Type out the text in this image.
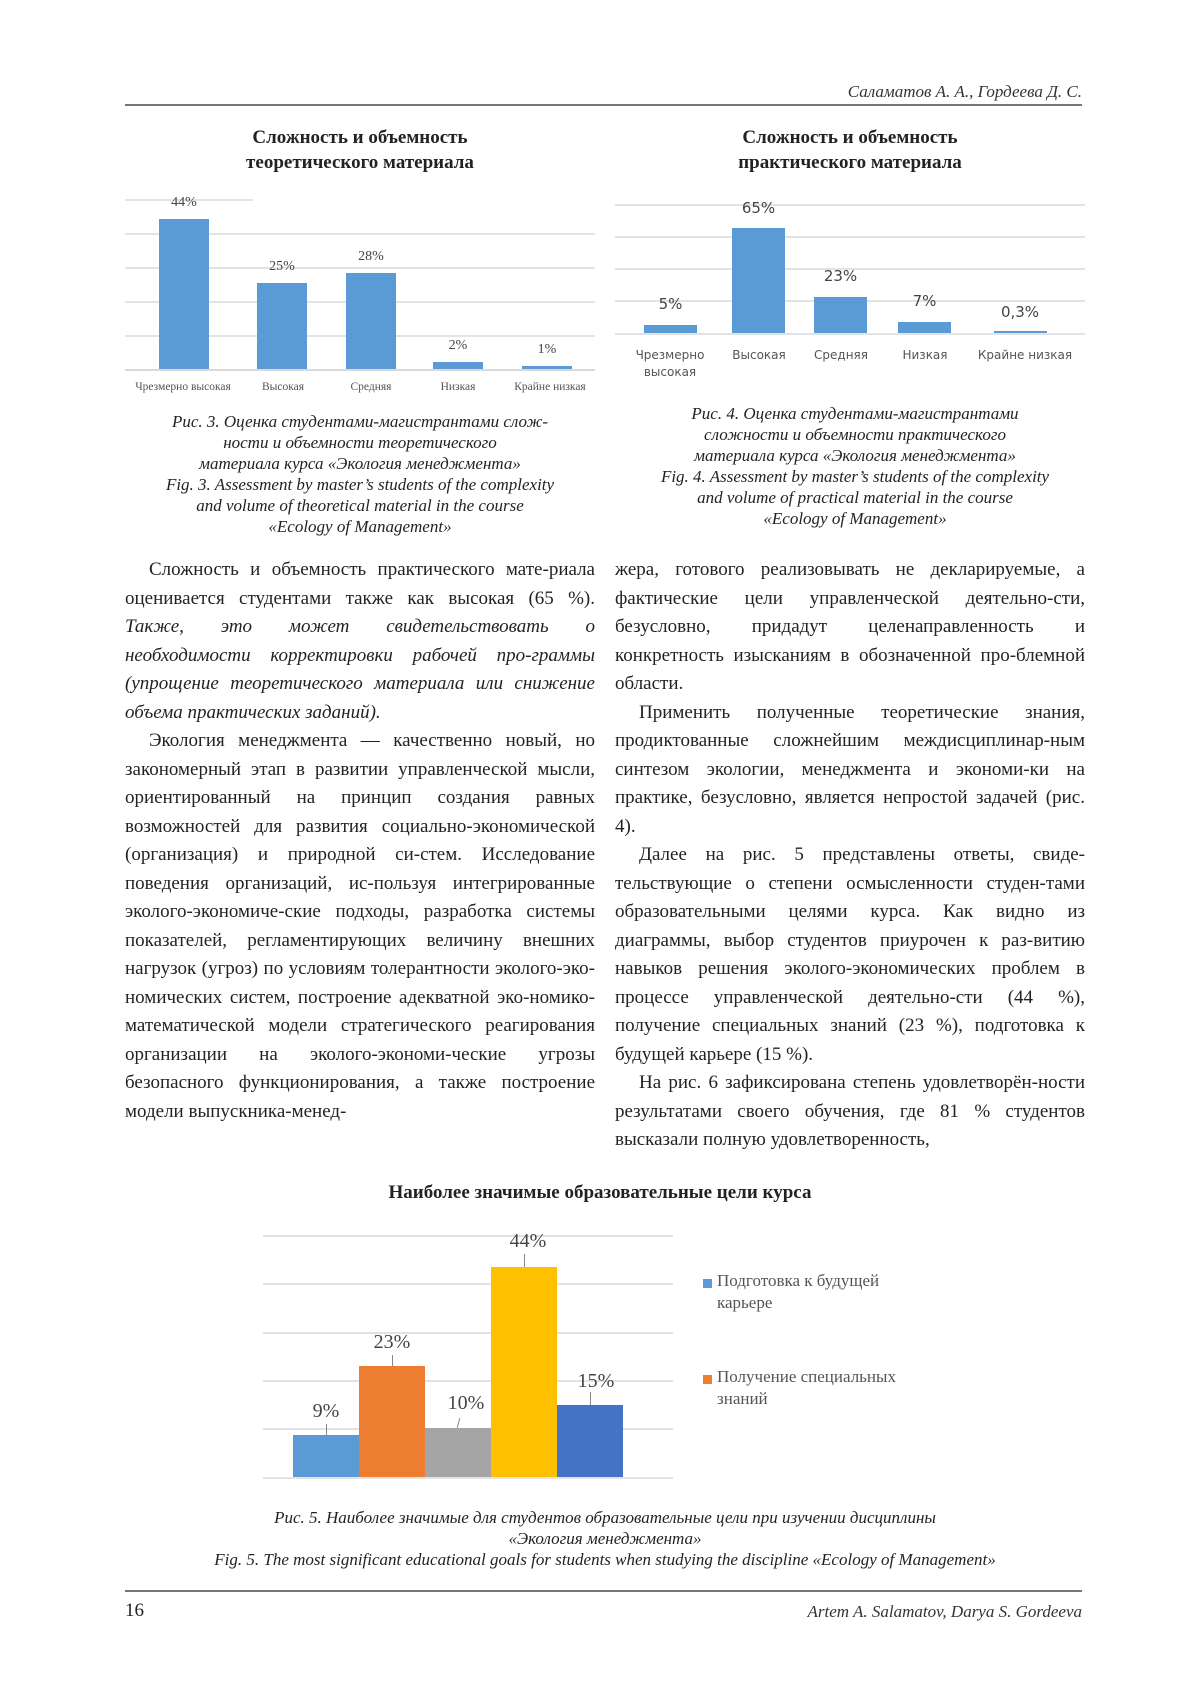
Саламатов А. А., Гордеева Д. С.
Сложность и объемность
теоретического материала
44%
25%
28%
2%	1%
Чрезмерно высокая	Высокая	Средняя	Низкая	Крайне низкая
Рис. 3. Оценка студентами-магистрантами слож-
ности и объемности теоретического
материала курса «Экология менеджмента»
Fig. 3. Assessment by master’s students of the complexity
and volume of theoretical material in the course
«Ecology of Management»
Сложность и объемность
практического материала
5%
65%
23%
7%
0,3%
Чрезмерно высокая
Высокая	Средняя	Низкая	Крайне низкая
Рис. 4. Оценка студентами-магистрантами
сложности и объемности практического
материала курса «Экология менеджмента»
Fig. 4. Assessment by master’s students of the complexity
and volume of practical material in the course
«Ecology of Management»

Сложность и объемность практического мате-риала оценивается студентами также как высокая (65 %). Также, это может свидетельствовать о необходимости корректировки рабочей про-граммы (упрощение теоретического материала или снижение объема практических заданий).

Экология менеджмента — качественно новый, но закономерный этап в развитии управленческой мысли, ориентированный на принцип создания равных возможностей для развития социально-экономической (организация) и природной си-стем. Исследование поведения организаций, ис-пользуя интегрированные эколого-экономиче-ские подходы, разработка системы показателей, регламентирующих величину внешних нагрузок (угроз) по условиям толерантности эколого-эко-номических систем, построение адекватной эко-номико-математической модели стратегического реагирования организации на эколого-экономи-ческие угрозы безопасного функционирования, а также построение модели выпускника-менед-

жера, готового реализовывать не декларируемые, а фактические цели управленческой деятельно-сти, безусловно, придадут целенаправленность и конкретность изысканиям в обозначенной про-блемной области.

Применить полученные теоретические знания, продиктованные сложнейшим междисциплинар-ным синтезом экологии, менеджмента и экономи-ки на практике, безусловно, является непростой задачей (рис. 4).

Далее на рис. 5 представлены ответы, свиде-тельствующие о степени осмысленности студен-тами образовательными целями курса. Как видно из диаграммы, выбор студентов приурочен к раз-витию навыков решения эколого-экономических проблем в процессе управленческой деятельно-сти (44 %), получение специальных знаний (23 %), подготовка к будущей карьере (15 %).

На рис. 6 зафиксирована степень удовлетворён-ности результатами своего обучения, где 81 % студентов высказали полную удовлетворенность,

Наиболее значимые образовательные цели курса
9%
23%
10%
44%
15%
Подготовка к будущей
карьере
Получение специальных
знаний
Рис. 5. Наиболее значимые для студентов образовательные цели при изучении дисциплины
«Экология менеджмента»
Fig. 5. The most significant educational goals for students when studying the discipline «Ecology of Management»
16	Artem A. Salamatov, Darya S. Gordeeva
